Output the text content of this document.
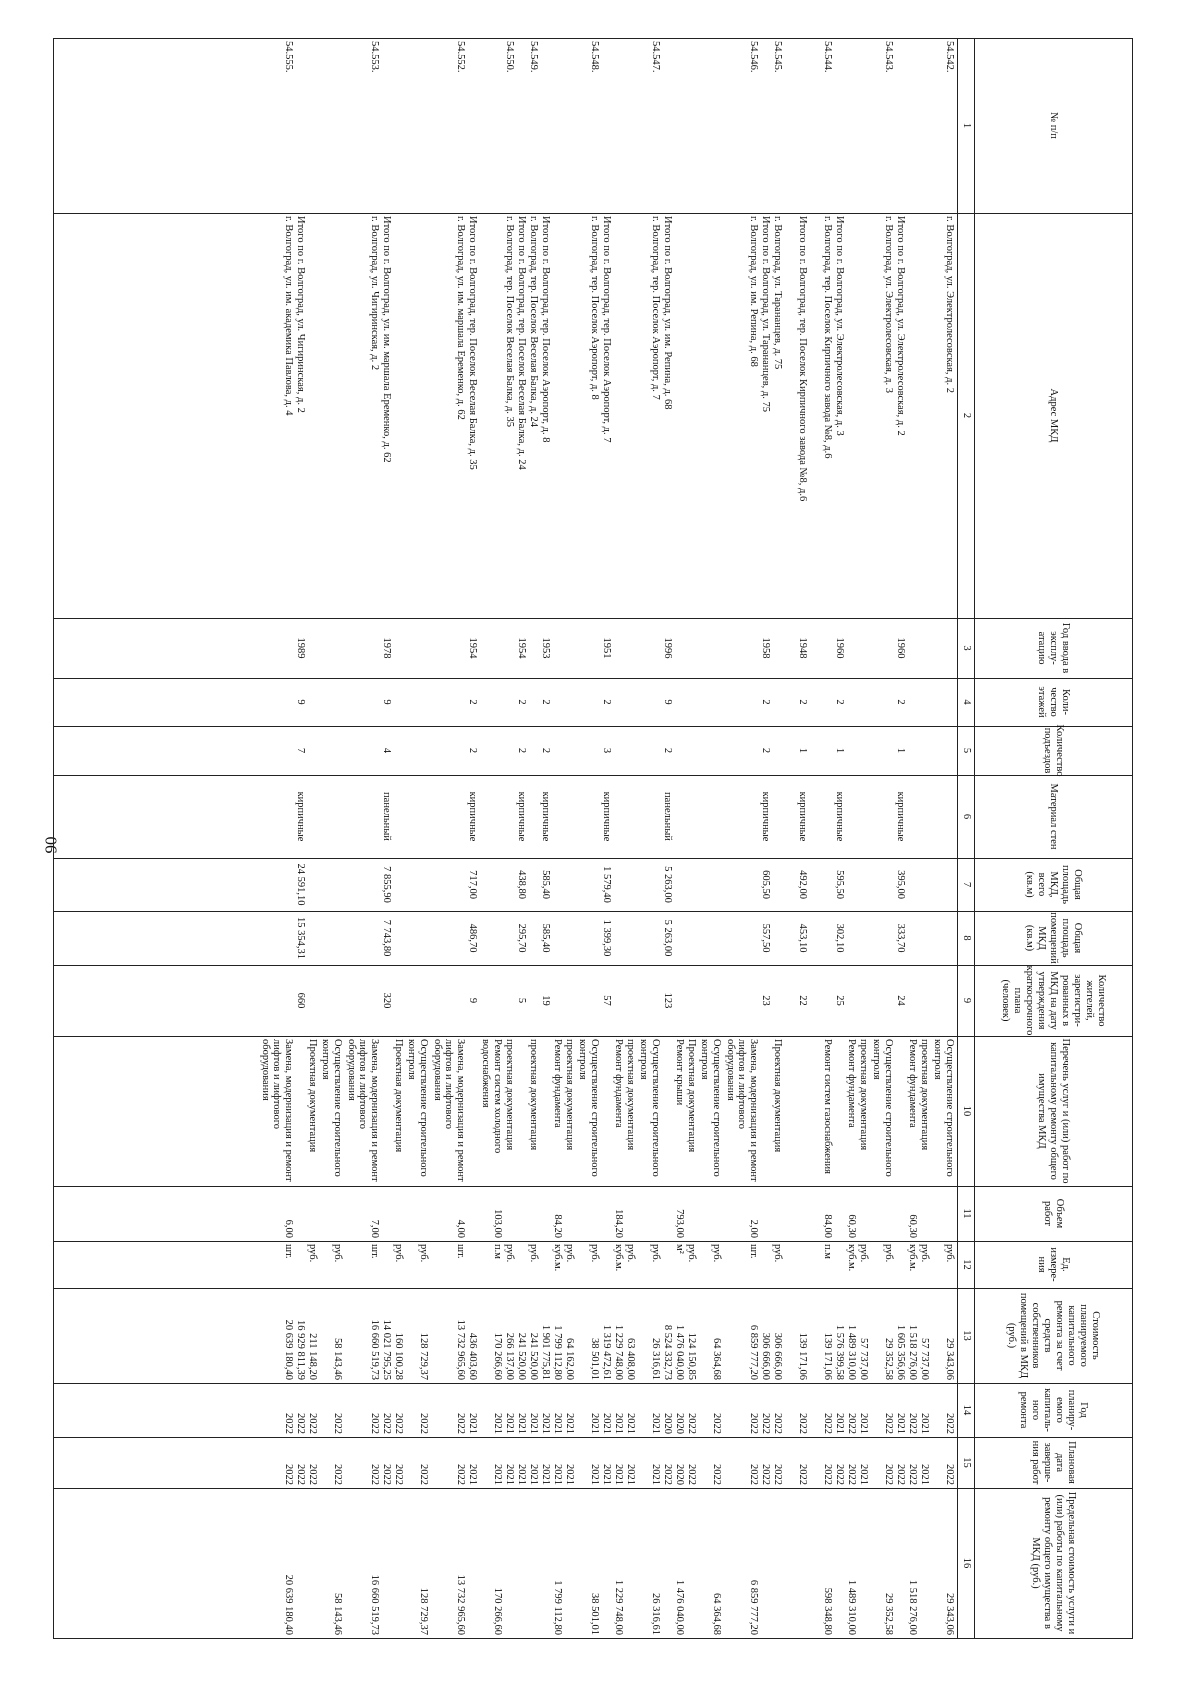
90
№ п/п
Адрес МКД
Год ввода в эксплу-атацию
Коли-чество этажей
Количество подъездов
Материал стен
Общая площадь МКД, всего (кв.м)
Общая площадь помещений МКД (кв.м)
Количество жителей, зарегистри-рованных в МКД на дату утверждения краткосрочного плана (человек)
Перечень услуг и (или) работ по капитальному ремонту общего имущества МКД
Объем работ
Ед. измере-ния
Стоимость планируемого капитального ремонта за счет средств собственников помещений в МКД (руб.)
Год планиру-емого капиталь-ного ремонта
Плановая дата заверше-ния работ
Предельная стоимость услуги и (или) работы по капитальному ремонту общего имущества в МКД (руб.)
1
2
3
4
5
6
7
8
9
10
11
12
13
14
15
16
54.542.
г. Волгоград, ул. Электролесовская, д. 2
Осуществление строительного контроля
руб.
29 343,06
2022
2022
29 343,06
проектная документация
руб.
57 737,00
2021
2021
Ремонт фундамента
60,30
куб.м.
1 518 276,00
2022
2022
1 518 276,00
Итого по г. Волгоград, ул. Электролесовская, д. 2
1960
2
1
кирпичные
395,00
333,70
24
1 605 356,06
2021
2022
54.543.
г. Волгоград, ул. Электролесовская, д. 3
Осуществление строительного контроля
руб.
29 352,58
2022
2022
29 352,58
проектная документация
руб.
57 737,00
2021
2021
Ремонт фундамента
60,30
куб.м.
1 489 310,00
2022
2022
1 489 310,00
Итого по г. Волгоград, ул. Электролесовская, д. 3
1960
2
1
кирпичные
595,50
302,10
25
1 576 399,58
2021
2022
54.544.
г. Волгоград, тер. Поселок Кирпичного завода №8, д.6
Ремонт систем газоснабжения
84,00
п.м
139 171,06
2022
2022
598 348,80
Итого по г. Волгоград, тер. Поселок Кирпичного завода №8, д.6
1948
2
1
кирпичные
492,00
453,10
22
139 171,06
2022
2022
54.545.
г. Волгоград, ул. Тарананцев, д. 75
Проектная документация
руб.
306 666,00
2022
2022
Итого по г. Волгоград, ул. Тарананцев, д. 75
1958
2
2
кирпичные
605,50
557,50
23
306 666,00
2022
2022
54.546.
г. Волгоград, ул. им. Репина, д. 68
Замена, модернизация и ремонт лифтов и лифтового оборудования
2,00
шт.
6 859 777,20
2022
2022
6 859 777,20
Осуществление строительного контроля
руб.
64 364,68
2022
2022
64 364,68
Проектная документация
руб.
124 150,85
2022
2022
Ремонт крыши
793,00
м²
1 476 040,00
2020
2020
1 476 040,00
Итого по г. Волгоград, ул. им. Репина, д. 68
1996
9
2
панельный
5 263,00
5 263,00
123
8 524 332,73
2020
2022
54.547.
г. Волгоград, тер. Поселок Аэропорт, д. 7
Осуществление строительного контроля
руб.
26 316,61
2021
2021
26 316,61
проектная документация
руб.
63 408,00
2021
2021
Ремонт фундамента
184,20
куб.м.
1 229 748,00
2021
2021
1 229 748,00
Итого по г. Волгоград, тер. Поселок Аэропорт, д. 7
1951
2
3
кирпичные
1 579,40
1 399,30
57
1 319 472,61
2021
2021
54.548.
г. Волгоград, тер. Поселок Аэропорт, д. 8
Осуществление строительного контроля
руб.
38 501,01
2021
2021
38 501,01
проектная документация
руб.
64 162,00
2021
2021
Ремонт фундамента
84,20
куб.м.
1 799 112,80
2021
2021
1 799 112,80
Итого по г. Волгоград, тер. Поселок Аэропорт, д. 8
1953
2
2
кирпичные
585,40
585,40
19
1 901 775,81
2021
2021
54.549.
г. Волгоград, тер. Поселок Веселая Балка, д. 24
проектная документация
руб.
241 520,00
2021
2021
Итого по г. Волгоград, тер. Поселок Веселая Балка, д. 24
1954
2
2
кирпичные
438,80
295,70
5
241 520,00
2021
2021
54.550.
г. Волгоград, тер. Поселок Веселая Балка, д. 35
проектная документация
руб.
266 137,00
2021
2021
Ремонт систем холодного водоснабжения
103,00
п.м
170 266,60
2021
2021
170 266,60
Итого по г. Волгоград, тер. Поселок Веселая Балка, д. 35
1954
2
2
кирпичные
717,00
486,70
9
436 403,60
2021
2021
54.552.
г. Волгоград, ул. им. маршала Еременко, д. 62
Замена, модернизация и ремонт лифтов и лифтового оборудования
4,00
шт.
13 732 965,60
2022
2022
13 732 965,60
Осуществление строительного контроля
руб.
128 729,37
2022
2022
128 729,37
Проектная документация
руб.
160 100,28
2022
2022
Итого по г. Волгоград, ул. им. маршала Еременко, д. 62
1978
9
4
панельный
7 855,90
7 743,80
320
14 021 795,25
2022
2022
54.553.
г. Волгоград, ул. Чигиринская, д. 2
Замена, модернизация и ремонт лифтов и лифтового оборудования
7,00
шт.
16 660 519,73
2022
2022
16 660 519,73
Осуществление строительного контроля
руб.
58 143,46
2022
2022
58 143,46
Проектная документация
руб.
211 148,20
2022
2022
Итого по г. Волгоград, ул. Чигиринская, д. 2
1989
9
7
кирпичные
24 591,10
15 354,31
660
16 929 811,39
2022
2022
54.555.
г. Волгоград, ул. им. академика Павлова, д. 4
Замена, модернизация и ремонт лифтов и лифтового оборудования
6,00
шт.
20 639 180,40
2022
2022
20 639 180,40
